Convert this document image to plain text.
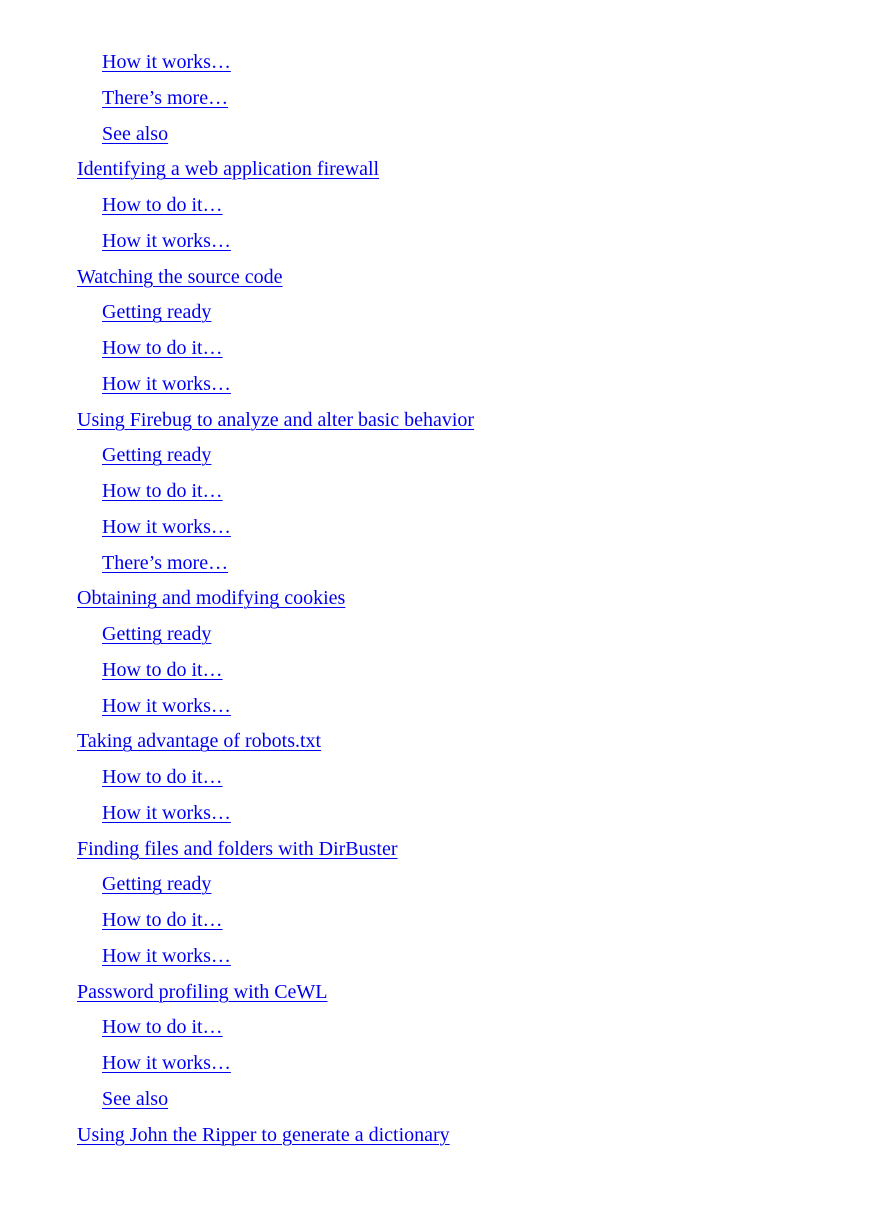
How it works…
There’s more…
See also
Identifying a web application firewall
How to do it…
How it works…
Watching the source code
Getting ready
How to do it…
How it works…
Using Firebug to analyze and alter basic behavior
Getting ready
How to do it…
How it works…
There’s more…
Obtaining and modifying cookies
Getting ready
How to do it…
How it works…
Taking advantage of robots.txt
How to do it…
How it works…
Finding files and folders with DirBuster
Getting ready
How to do it…
How it works…
Password profiling with CeWL
How to do it…
How it works…
See also
Using John the Ripper to generate a dictionary
